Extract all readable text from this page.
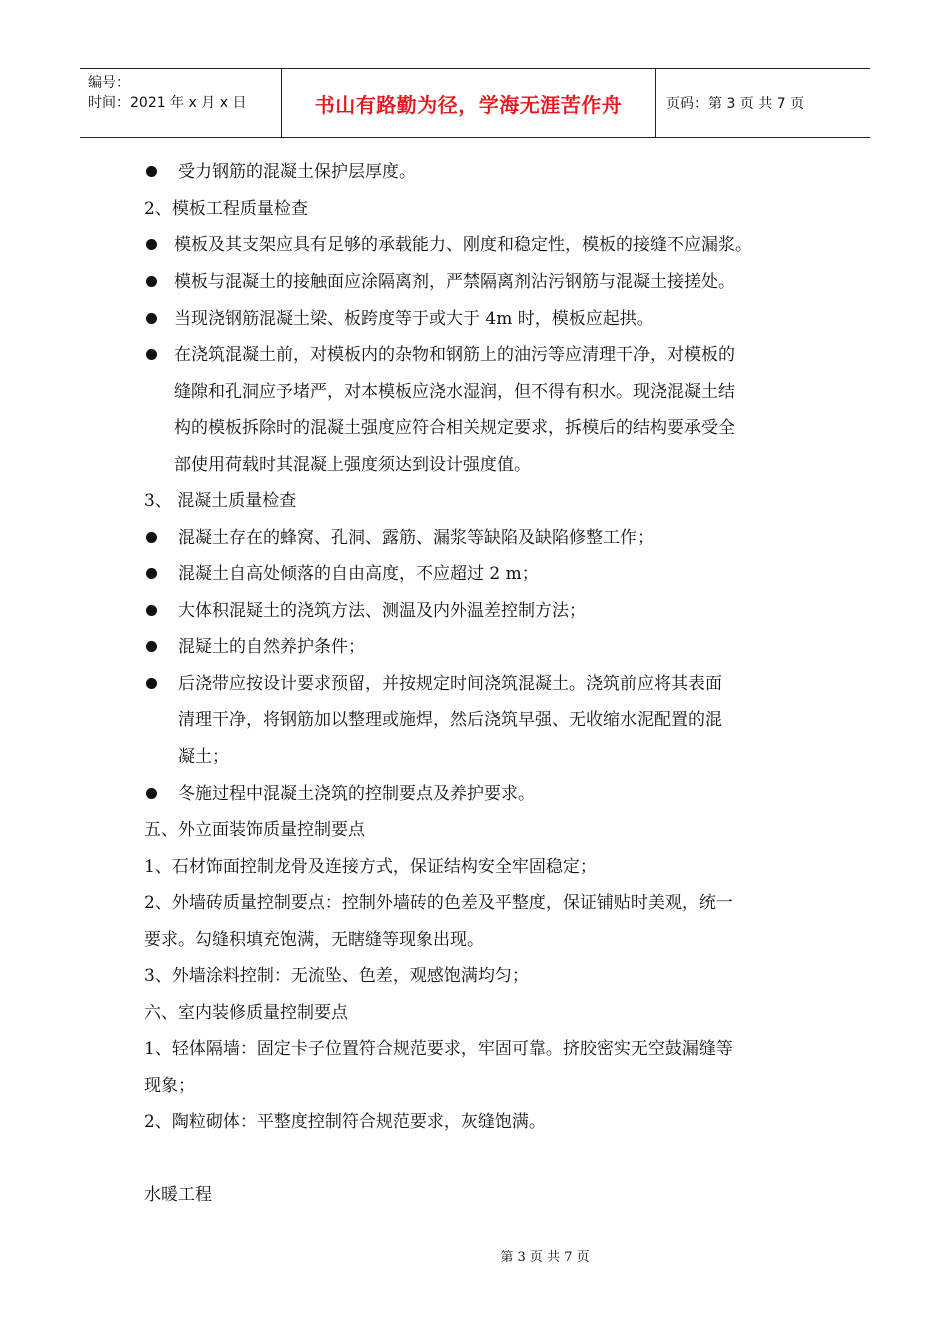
编号：
时间：2021 年 x 月 x 日	书山有路勤为径，学海无涯苦作舟	页码：第 3 页 共 7 页
受力钢筋的混凝土保护层厚度。
2、模板工程质量检查
模板及其支架应具有足够的承载能力、刚度和稳定性，模板的接缝不应漏浆。
模板与混凝土的接触面应涂隔离剂，严禁隔离剂沾污钢筋与混凝土接搓处。
当现浇钢筋混凝土梁、板跨度等于或大于 4m 时，模板应起拱。
在浇筑混凝土前，对模板内的杂物和钢筋上的油污等应清理干净，对模板的
缝隙和孔洞应予堵严，对本模板应浇水湿润，但不得有积水。现浇混凝土结
构的模板拆除时的混凝土强度应符合相关规定要求，拆模后的结构要承受全
部使用荷载时其混凝上强度须达到设计强度值。
3、 混凝土质量检查
混凝土存在的蜂窝、孔洞、露筋、漏浆等缺陷及缺陷修整工作；
混凝土自高处倾落的自由高度，不应超过 2 m；
大体积混疑土的浇筑方法、测温及内外温差控制方法；
混疑土的自然养护条件；
后浇带应按设计要求预留，并按规定时间浇筑混凝土。浇筑前应将其表面
清理干净，将钢筋加以整理或施焊，然后浇筑早强、无收缩水泥配置的混
凝土；
冬施过程中混凝土浇筑的控制要点及养护要求。
五、外立面装饰质量控制要点
1、石材饰面控制龙骨及连接方式，保证结构安全牢固稳定；
2、外墙砖质量控制要点：控制外墙砖的色差及平整度，保证铺贴时美观，统一
要求。勾缝积填充饱满，无瞎缝等现象出现。
3、外墙涂料控制：无流坠、色差，观感饱满均匀；
六、室内装修质量控制要点
1、轻体隔墙：固定卡子位置符合规范要求，牢固可靠。挤胶密实无空鼓漏缝等
现象；
2、陶粒砌体：平整度控制符合规范要求，灰缝饱满。
水暖工程
第 3 页 共 7 页
